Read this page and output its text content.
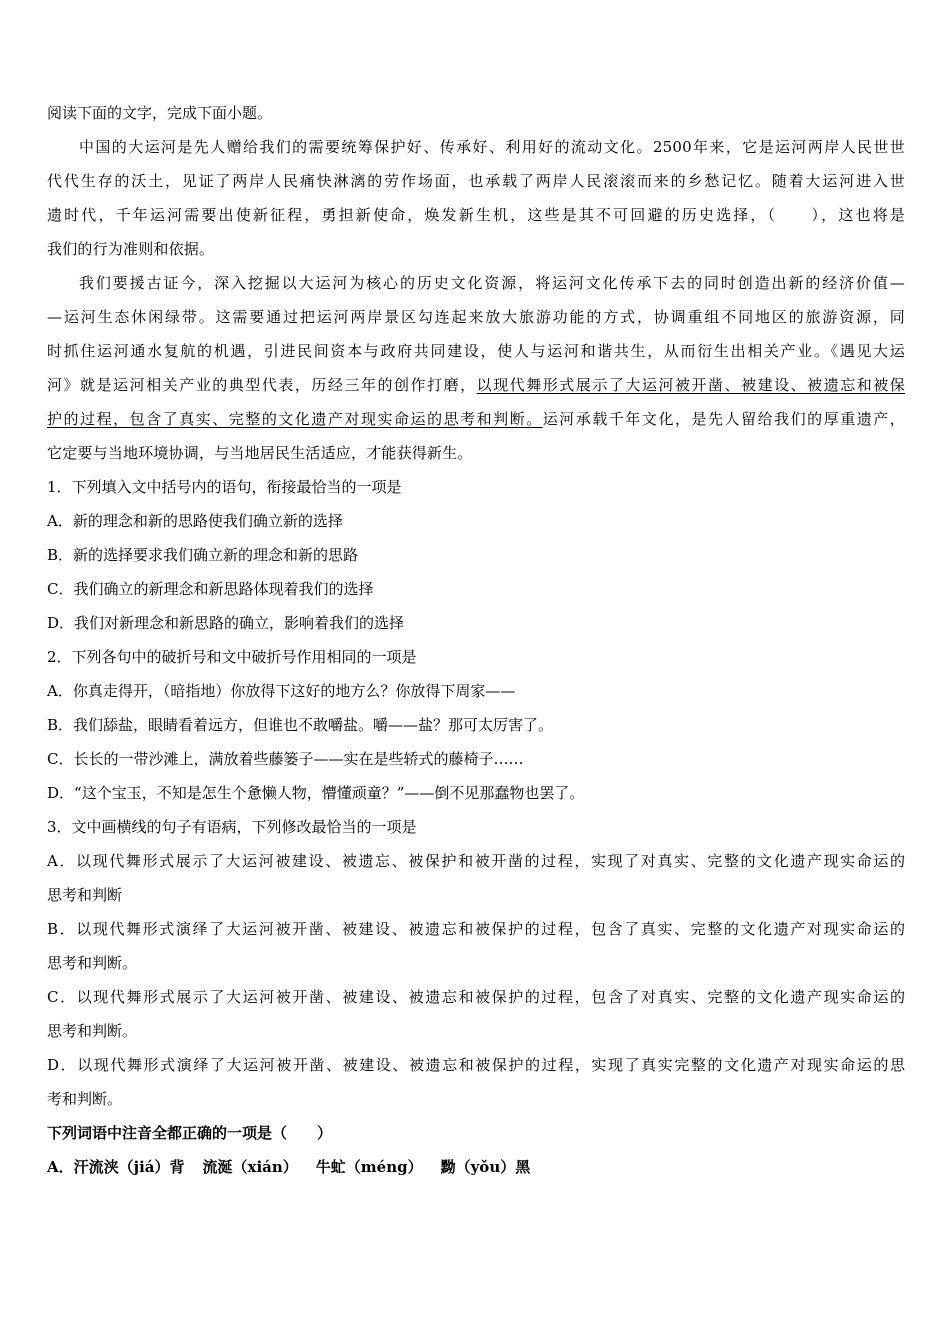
阅读下面的文字，完成下面小题。
中国的大运河是先人赠给我们的需要统筹保护好、传承好、利用好的流动文化。2500年来，它是运河两岸人民世世
代代生存的沃土，见证了两岸人民痛快淋漓的劳作场面，也承载了两岸人民滚滚而来的乡愁记忆。随着大运河进入世
遗时代，千年运河需要出使新征程，勇担新使命，焕发新生机，这些是其不可回避的历史选择，（　　），这也将是
我们的行为准则和依据。
我们要援古证今，深入挖掘以大运河为核心的历史文化资源，将运河文化传承下去的同时创造出新的经济价值—
—运河生态休闲绿带。这需要通过把运河两岸景区勾连起来放大旅游功能的方式，协调重组不同地区的旅游资源，同
时抓住运河通水复航的机遇，引进民间资本与政府共同建设，使人与运河和谐共生，从而衍生出相关产业。《遇见大运
河》就是运河相关产业的典型代表，历经三年的创作打磨，以现代舞形式展示了大运河被开凿、被建设、被遗忘和被保
护的过程，包含了真实、完整的文化遗产对现实命运的思考和判断。运河承载千年文化，是先人留给我们的厚重遗产，
它定要与当地环境协调，与当地居民生活适应，才能获得新生。
1．下列填入文中括号内的语句，衔接最恰当的一项是
A．新的理念和新的思路使我们确立新的选择
B．新的选择要求我们确立新的理念和新的思路
C．我们确立的新理念和新思路体现着我们的选择
D．我们对新理念和新思路的确立，影响着我们的选择
2．下列各句中的破折号和文中破折号作用相同的一项是
A．你真走得开，（暗指地）你放得下这好的地方么？你放得下周家——
B．我们舔盐，眼睛看着远方，但谁也不敢嚼盐。嚼——盐？那可太厉害了。
C．长长的一带沙滩上，满放着些藤篓子——实在是些轿式的藤椅子……
D．“这个宝玉，不知是怎生个惫懒人物，懵懂顽童？”——倒不见那蠢物也罢了。
3．文中画横线的句子有语病，下列修改最恰当的一项是
A．以现代舞形式展示了大运河被建设、被遗忘、被保护和被开凿的过程，实现了对真实、完整的文化遗产现实命运的
思考和判断
B．以现代舞形式演绎了大运河被开凿、被建设、被遗忘和被保护的过程，包含了真实、完整的文化遗产对现实命运的
思考和判断。
C．以现代舞形式展示了大运河被开凿、被建设、被遗忘和被保护的过程，包含了对真实、完整的文化遗产现实命运的
思考和判断。
D．以现代舞形式演绎了大运河被开凿、被建设、被遗忘和被保护的过程，实现了真实完整的文化遗产对现实命运的思
考和判断。
下列词语中注音全都正确的一项是（　　）
A．汗流浃（jiá）背 流涎（xián） 牛虻（méng） 黝（yǒu）黑
